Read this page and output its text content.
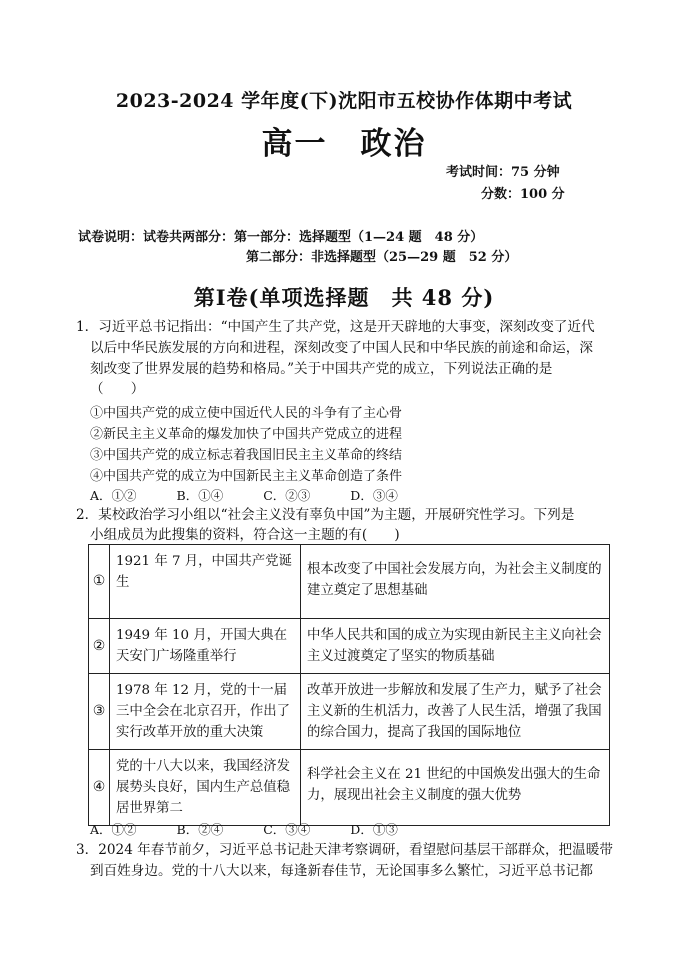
2023-2024 学年度(下)沈阳市五校协作体期中考试
高一　政治
考试时间：75 分钟
分数：100 分
试卷说明：试卷共两部分：第一部分：选择题型（1—24 题　48 分）
第二部分：非选择题型（25—29 题　52 分）
第Ⅰ卷(单项选择题　共 48 分)
1．习近平总书记指出：“中国产生了共产党，这是开天辟地的大事变，深刻改变了近代
以后中华民族发展的方向和进程，深刻改变了中国人民和中华民族的前途和命运，深
刻改变了世界发展的趋势和格局。”关于中国共产党的成立，下列说法正确的是
（　　）
①中国共产党的成立使中国近代人民的斗争有了主心骨
②新民主主义革命的爆发加快了中国共产党成立的进程
③中国共产党的成立标志着我国旧民主主义革命的终结
④中国共产党的成立为中国新民主主义革命创造了条件
A．①②	B．①④	C．②③	D．③④
2．某校政治学习小组以“社会主义没有辜负中国”为主题，开展研究性学习。下列是
小组成员为此搜集的资料，符合这一主题的有(　　)
①	1921 年 7 月，中国共产党诞生	根本改变了中国社会发展方向，为社会主义制度的建立奠定了思想基础
②	1949 年 10 月，开国大典在天安门广场隆重举行	中华人民共和国的成立为实现由新民主主义向社会主义过渡奠定了坚实的物质基础
③	1978 年 12 月，党的十一届三中全会在北京召开，作出了实行改革开放的重大决策	改革开放进一步解放和发展了生产力，赋予了社会主义新的生机活力，改善了人民生活，增强了我国的综合国力，提高了我国的国际地位
④	党的十八大以来，我国经济发展势头良好，国内生产总值稳居世界第二	科学社会主义在 21 世纪的中国焕发出强大的生命力，展现出社会主义制度的强大优势
A．①②	B．②④	C．③④	D．①③
3．2024 年春节前夕，习近平总书记赴天津考察调研，看望慰问基层干部群众，把温暖带
到百姓身边。党的十八大以来，每逢新春佳节，无论国事多么繁忙，习近平总书记都
